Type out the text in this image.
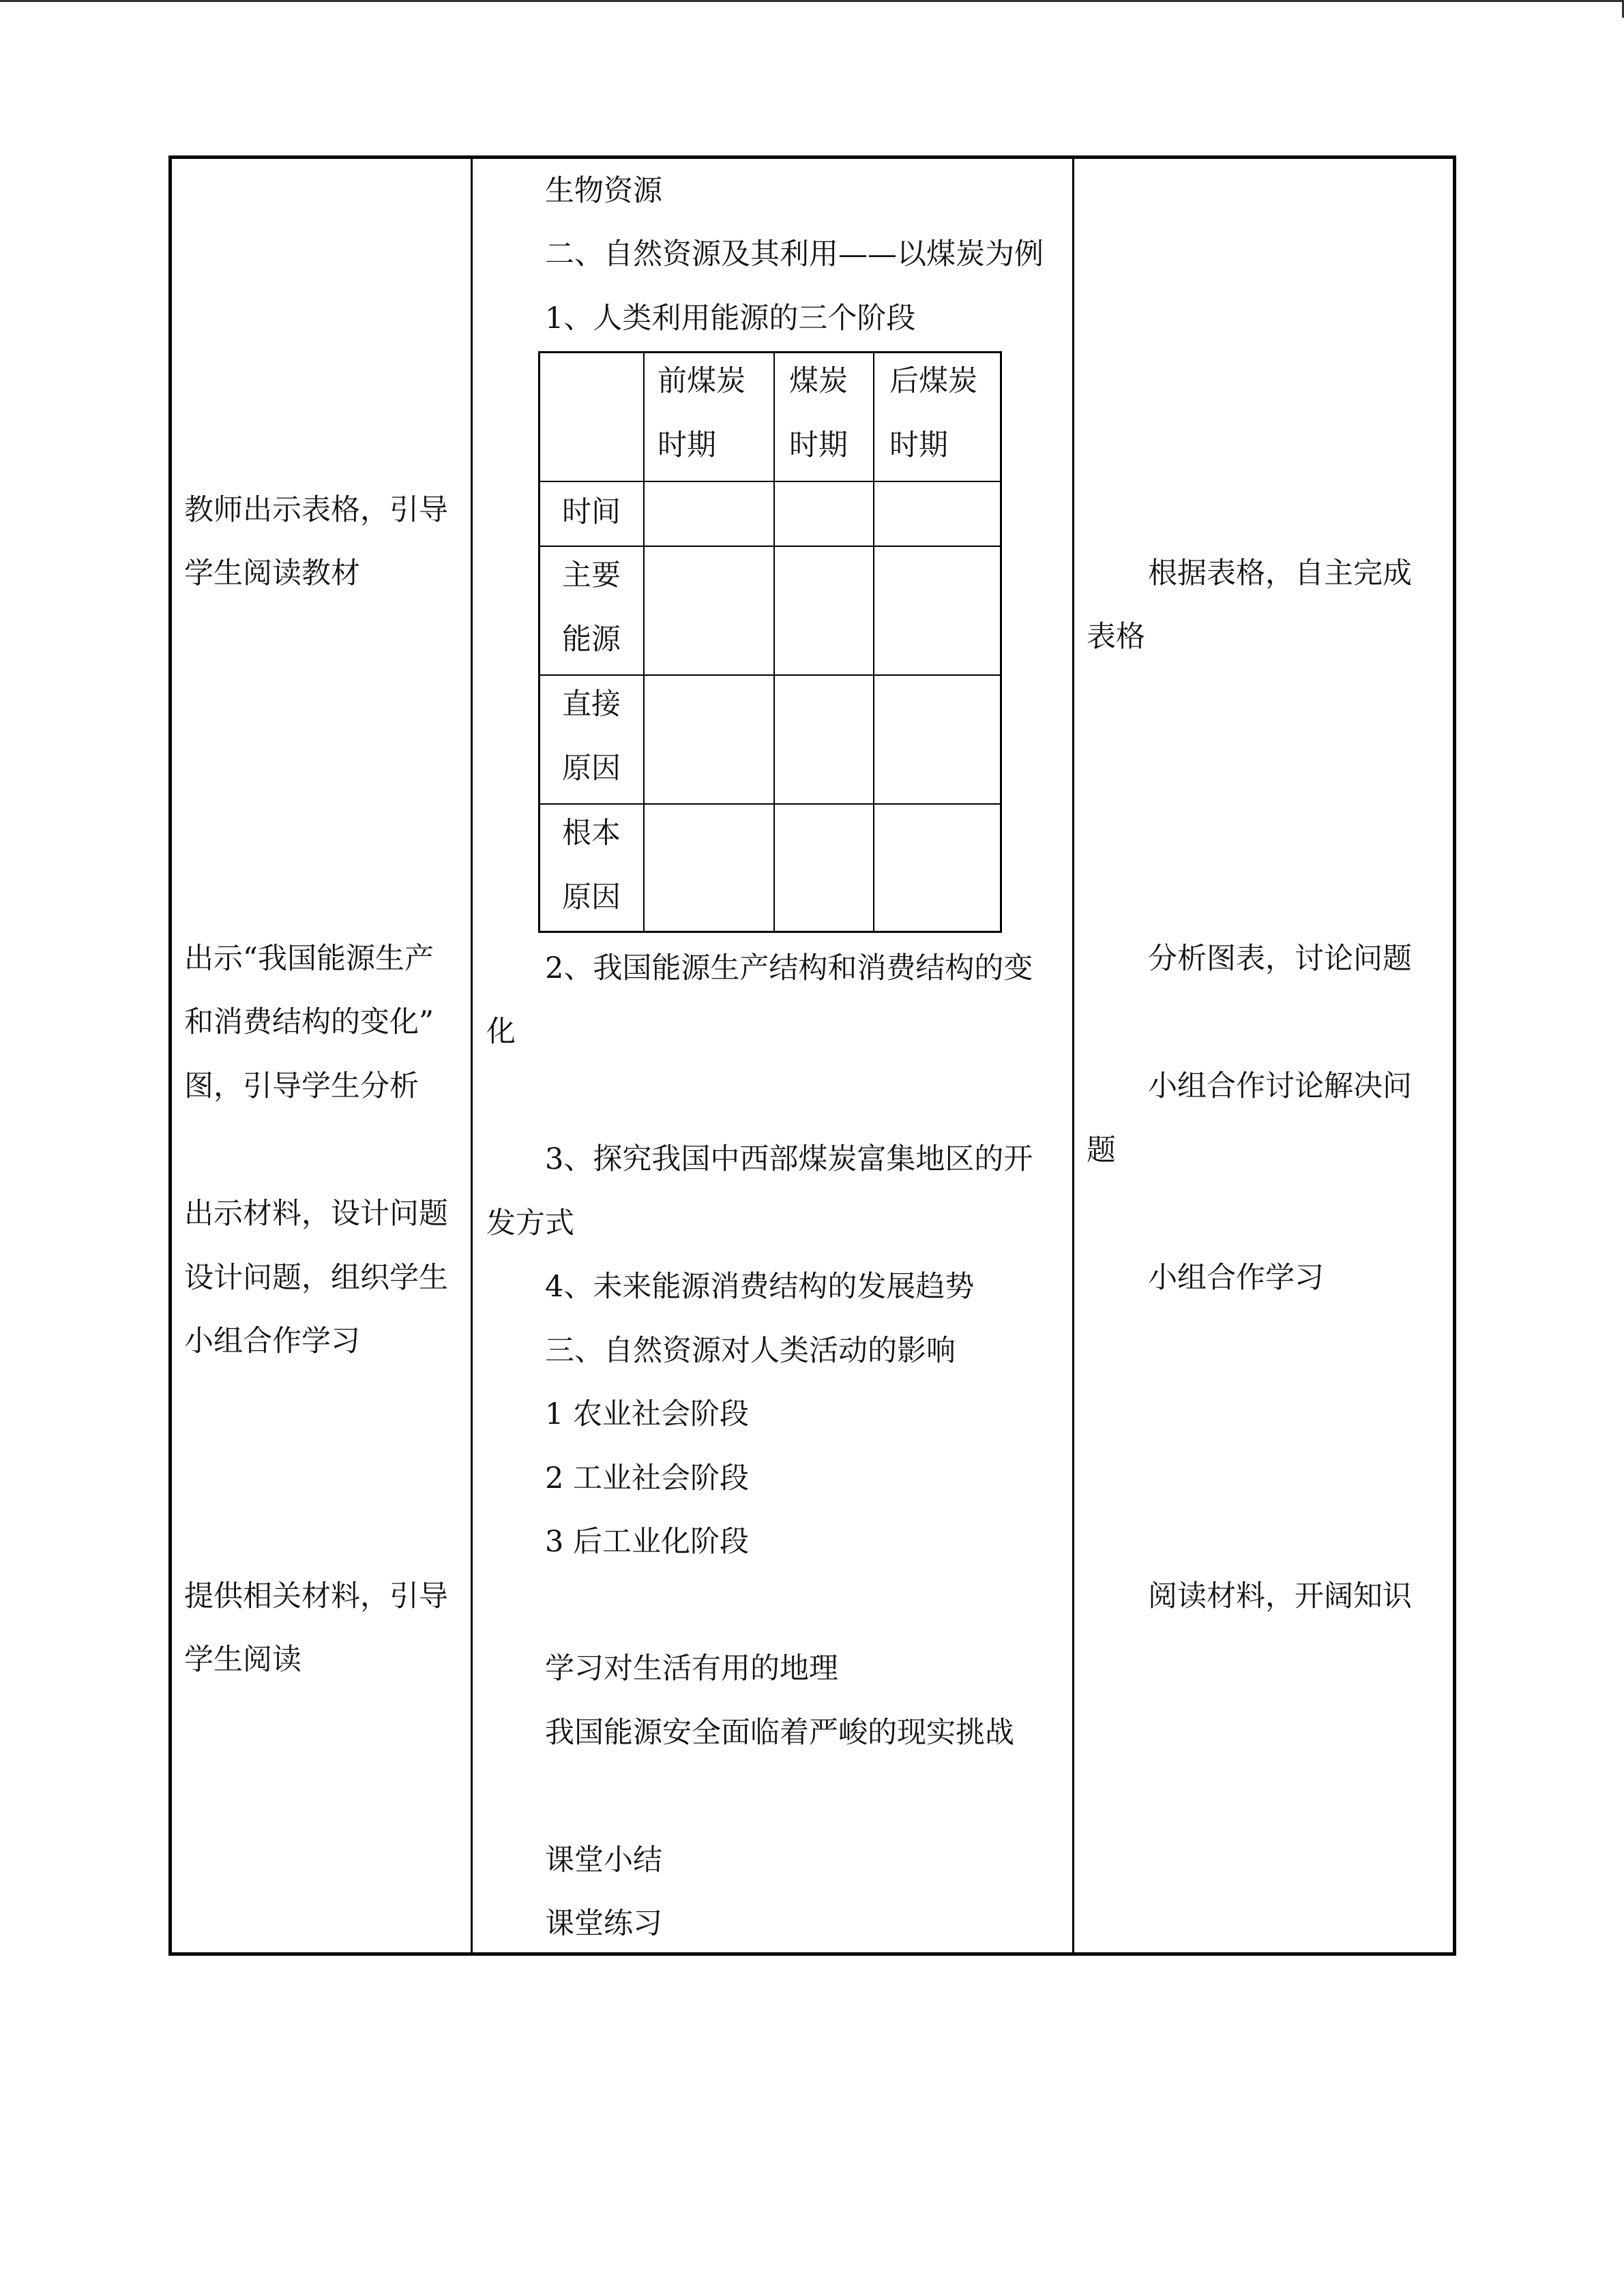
教师出示表格，引导
学生阅读教材
出示“我国能源生产
和消费结构的变化”
图，引导学生分析
出示材料，设计问题
设计问题，组织学生
小组合作学习
提供相关材料，引导
学生阅读
生物资源
二、自然资源及其利用——以煤炭为例
1、人类利用能源的三个阶段
2、我国能源生产结构和消费结构的变
化
3、探究我国中西部煤炭富集地区的开
发方式
4、未来能源消费结构的发展趋势
三、自然资源对人类活动的影响
1 农业社会阶段
2 工业社会阶段
3 后工业化阶段
学习对生活有用的地理
我国能源安全面临着严峻的现实挑战
课堂小结
课堂练习
前煤炭
时期
煤炭
时期
后煤炭
时期
时间
主要
能源
直接
原因
根本
原因
根据表格，自主完成
表格
分析图表，讨论问题
小组合作讨论解决问
题
小组合作学习
阅读材料，开阔知识
